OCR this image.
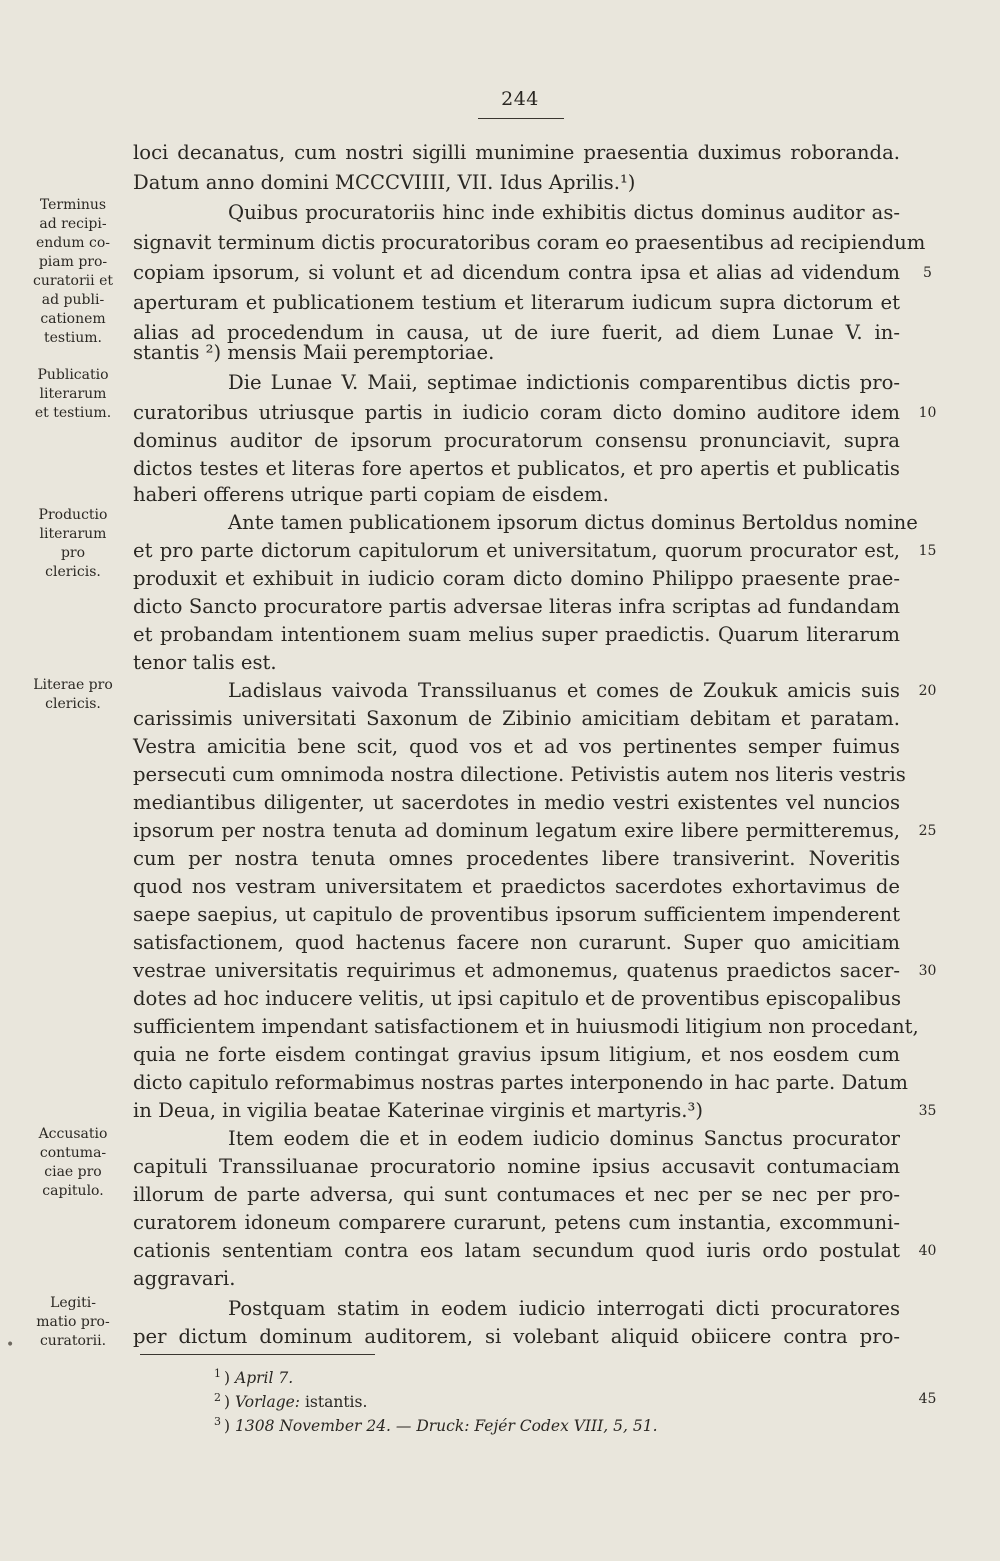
244
Terminus
ad recipi-
endum co-
piam pro-
curatorii et
ad publi-
cationem
testium.
Publicatio
literarum
et testium.
Productio
literarum
pro
clericis.
Literae pro
clericis.
Accusatio
contuma-
ciae pro
capitulo.
Legiti-
matio pro-
curatorii.
•
loci decanatus, cum nostri sigilli munimine praesentia duximus roboranda.
Datum anno domini MCCCVIIII, VII. Idus Aprilis.¹)
Quibus procuratoriis hinc inde exhibitis dictus dominus auditor as-
signavit terminum dictis procuratoribus coram eo praesentibus ad recipiendum
copiam ipsorum, si volunt et ad dicendum contra ipsa et alias ad videndum
aperturam et publicationem testium et literarum iudicum supra dictorum et
alias ad procedendum in causa, ut de iure fuerit, ad diem Lunae V. in-
stantis ²) mensis Maii peremptoriae.
Die Lunae V. Maii, septimae indictionis comparentibus dictis pro-
curatoribus utriusque partis in iudicio coram dicto domino auditore idem
dominus auditor de ipsorum procuratorum consensu pronunciavit, supra
dictos testes et literas fore apertos et publicatos, et pro apertis et publicatis
haberi offerens utrique parti copiam de eisdem.
Ante tamen publicationem ipsorum dictus dominus Bertoldus nomine
et pro parte dictorum capitulorum et universitatum, quorum procurator est,
produxit et exhibuit in iudicio coram dicto domino Philippo praesente prae-
dicto Sancto procuratore partis adversae literas infra scriptas ad fundandam
et probandam intentionem suam melius super praedictis. Quarum literarum
tenor talis est.
Ladislaus vaivoda Transsiluanus et comes de Zoukuk amicis suis
carissimis universitati Saxonum de Zibinio amicitiam debitam et paratam.
Vestra amicitia bene scit, quod vos et ad vos pertinentes semper fuimus
persecuti cum omnimoda nostra dilectione. Petivistis autem nos literis vestris
mediantibus diligenter, ut sacerdotes in medio vestri existentes vel nuncios
ipsorum per nostra tenuta ad dominum legatum exire libere permitteremus,
cum per nostra tenuta omnes procedentes libere transiverint. Noveritis
quod nos vestram universitatem et praedictos sacerdotes exhortavimus de
saepe saepius, ut capitulo de proventibus ipsorum sufficientem impenderent
satisfactionem, quod hactenus facere non curarunt. Super quo amicitiam
vestrae universitatis requirimus et admonemus, quatenus praedictos sacer-
dotes ad hoc inducere velitis, ut ipsi capitulo et de proventibus episcopalibus
sufficientem impendant satisfactionem et in huiusmodi litigium non procedant,
quia ne forte eisdem contingat gravius ipsum litigium, et nos eosdem cum
dicto capitulo reformabimus nostras partes interponendo in hac parte. Datum
in Deua, in vigilia beatae Katerinae virginis et martyris.³)
Item eodem die et in eodem iudicio dominus Sanctus procurator
capituli Transsiluanae procuratorio nomine ipsius accusavit contumaciam
illorum de parte adversa, qui sunt contumaces et nec per se nec per pro-
curatorem idoneum comparere curarunt, petens cum instantia, excommuni-
cationis sententiam contra eos latam secundum quod iuris ordo postulat
aggravari.
Postquam statim in eodem iudicio interrogati dicti procuratores
per dictum dominum auditorem, si volebant aliquid obiicere contra pro-
5
10
15
20
25
30
35
40
45
$^1$ ) April 7.
$^2$ ) Vorlage: istantis.
$^3$ ) 1308 November 24. — Druck: Fejér Codex VIII, 5, 51.
